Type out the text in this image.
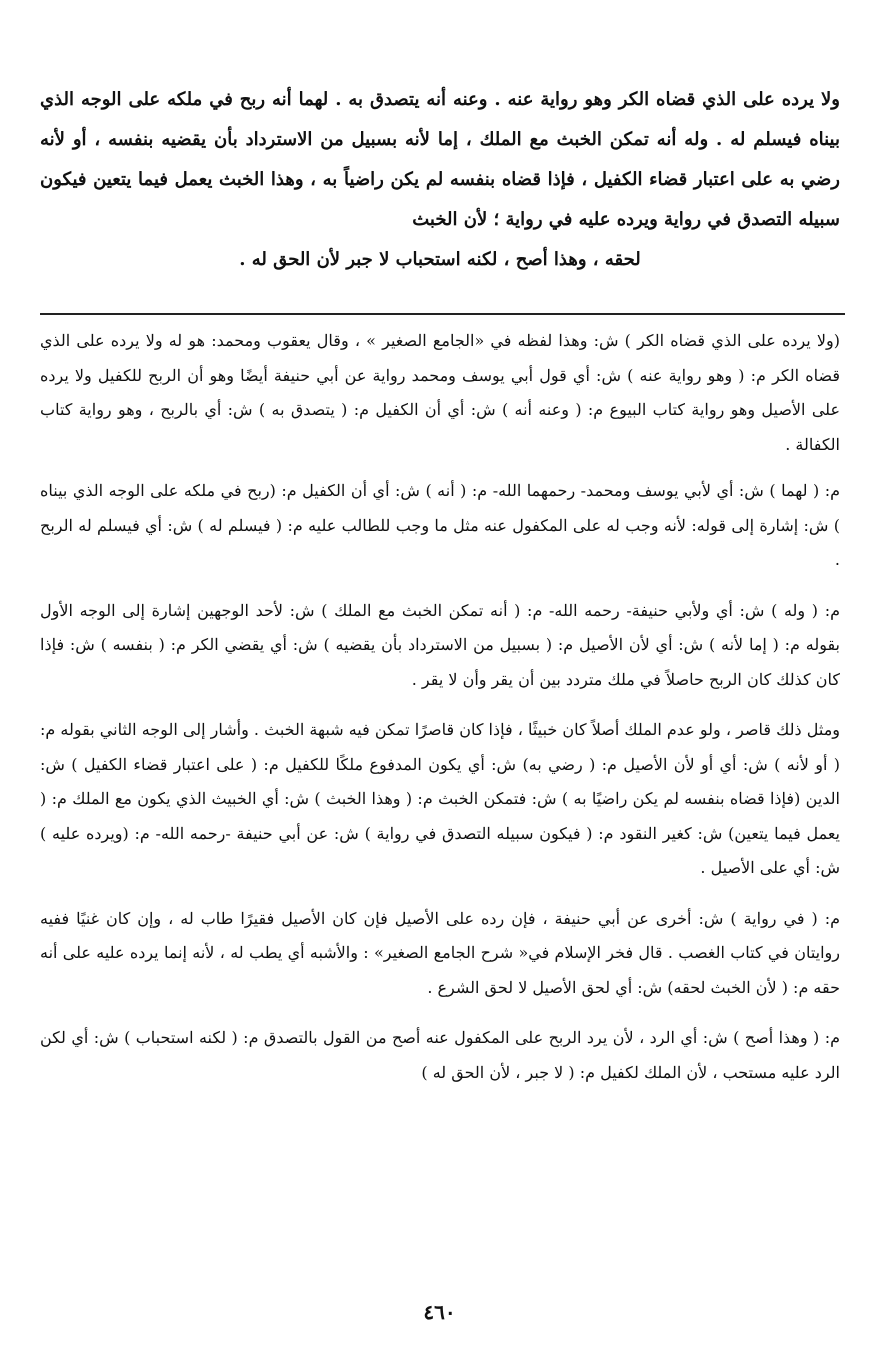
ولا يرده على الذي قضاه الكر وهو رواية عنه . وعنه أنه يتصدق به . لهما أنه ربح في ملكه على الوجه الذي بيناه فيسلم له . وله أنه تمكن الخبث مع الملك ، إما لأنه بسبيل من الاسترداد بأن يقضيه بنفسه ، أو لأنه رضي به على اعتبار قضاء الكفيل ، فإذا قضاه بنفسه لم يكن راضياً به ، وهذا الخبث يعمل فيما يتعين فيكون سبيله التصدق في رواية ويرده عليه في رواية ؛ لأن الخبث

لحقه ، وهذا أصح ، لكنه استحباب لا جبر لأن الحق له .

(ولا يرده على الذي قضاه الكر ) ش: وهذا لفظه في «الجامع الصغير » ، وقال يعقوب ومحمد: هو له ولا يرده على الذي قضاه الكر م: ( وهو رواية عنه ) ش: أي قول أبي يوسف ومحمد رواية عن أبي حنيفة أيضًا وهو أن الربح للكفيل ولا يرده على الأصيل وهو رواية كتاب البيوع م: ( وعنه أنه ) ش: أي أن الكفيل م: ( يتصدق به ) ش: أي بالربح ، وهو رواية كتاب الكفالة .

م: ( لهما ) ش: أي لأبي يوسف ومحمد- رحمهما الله- م: ( أنه ) ش: أي أن الكفيل م: (ربح في ملكه على الوجه الذي بيناه ) ش: إشارة إلى قوله: لأنه وجب له على المكفول عنه مثل ما وجب للطالب عليه م: ( فيسلم له ) ش: أي فيسلم له الربح .

م: ( وله ) ش: أي ولأبي حنيفة- رحمه الله- م: ( أنه تمكن الخبث مع الملك ) ش: لأحد الوجهين إشارة إلى الوجه الأول بقوله م: ( إما لأنه ) ش: أي لأن الأصيل م: ( بسبيل من الاسترداد بأن يقضيه ) ش: أي يقضي الكر م: ( بنفسه ) ش: فإذا كان كذلك كان الربح حاصلاً في ملك متردد بين أن يقر وأن لا يقر .

ومثل ذلك قاصر ، ولو عدم الملك أصلاً كان خبيثًا ، فإذا كان قاصرًا تمكن فيه شبهة الخبث . وأشار إلى الوجه الثاني بقوله م: ( أو لأنه ) ش: أي أو لأن الأصيل م: ( رضي به) ش: أي يكون المدفوع ملكًا للكفيل م: ( على اعتبار قضاء الكفيل ) ش: الدين (فإذا قضاه بنفسه لم يكن راضيًا به ) ش: فتمكن الخبث م: ( وهذا الخبث ) ش: أي الخبيث الذي يكون مع الملك م: ( يعمل فيما يتعين) ش: كغير النقود م: ( فيكون سبيله التصدق في رواية ) ش: عن أبي حنيفة -رحمه الله- م: (ويرده عليه ) ش: أي على الأصيل .

م: ( في رواية ) ش: أخرى عن أبي حنيفة ، فإن رده على الأصيل فإن كان الأصيل فقيرًا طاب له ، وإن كان غنيًا ففيه روايتان في كتاب الغصب . قال فخر الإسلام في« شرح الجامع الصغير» : والأشبه أي يطب له ، لأنه إنما يرده عليه على أنه حقه م: ( لأن الخبث لحقه) ش: أي لحق الأصيل لا لحق الشرع .

م: ( وهذا أصح ) ش: أي الرد ، لأن يرد الربح على المكفول عنه أصح من القول بالتصدق م: ( لكنه استحباب ) ش: أي لكن الرد عليه مستحب ، لأن الملك لكفيل م: ( لا جبر ، لأن الحق له )

٤٦٠
